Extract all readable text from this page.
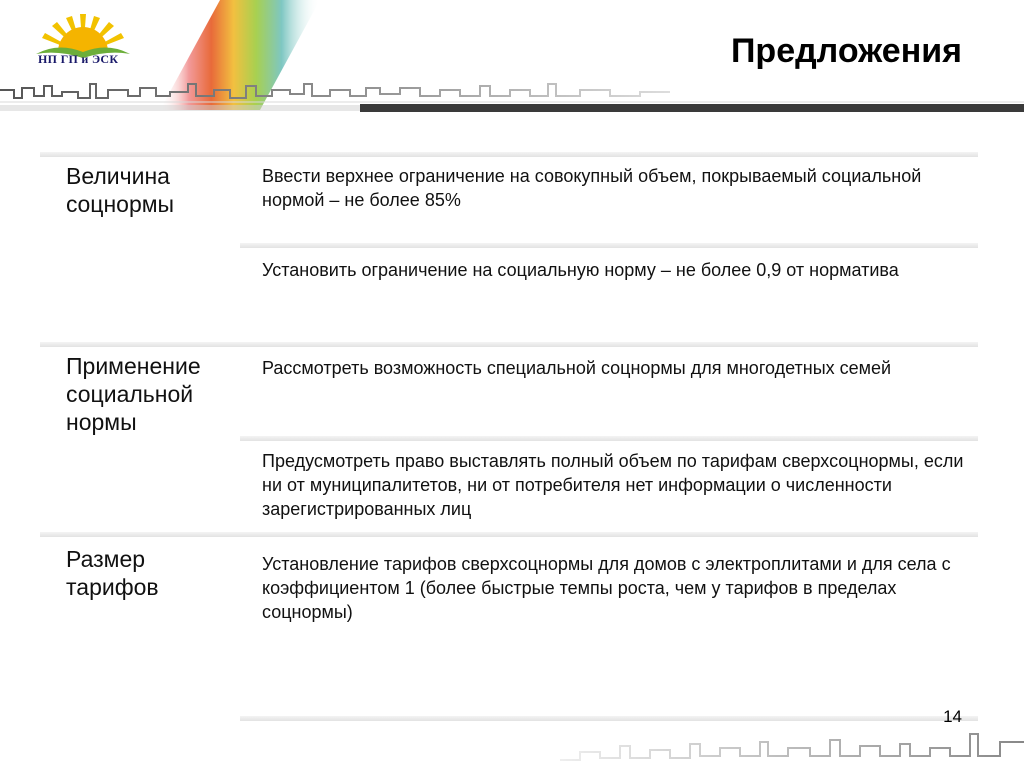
НП ГП и ЭСК	Предложения
Величина сoцнормы
Ввести верхнее ограничение на совокупный объем, покрываемый социальной нормой – не более 85%
Установить ограничение на социальную норму – не более 0,9 от норматива
Применение социальной нормы
Рассмотреть возможность специальной соцнормы для многодетных семей
Предусмотреть право выставлять полный объем по тарифам сверхсоцнормы, если ни от муниципалитетов, ни от потребителя нет информации о численности зарегистрированных лиц
Размер тарифов
Установление тарифов сверхсоцнормы для домов с электроплитами и для села с коэффициентом 1 (более быстрые темпы роста, чем у тарифов в пределах соцнормы)
14
